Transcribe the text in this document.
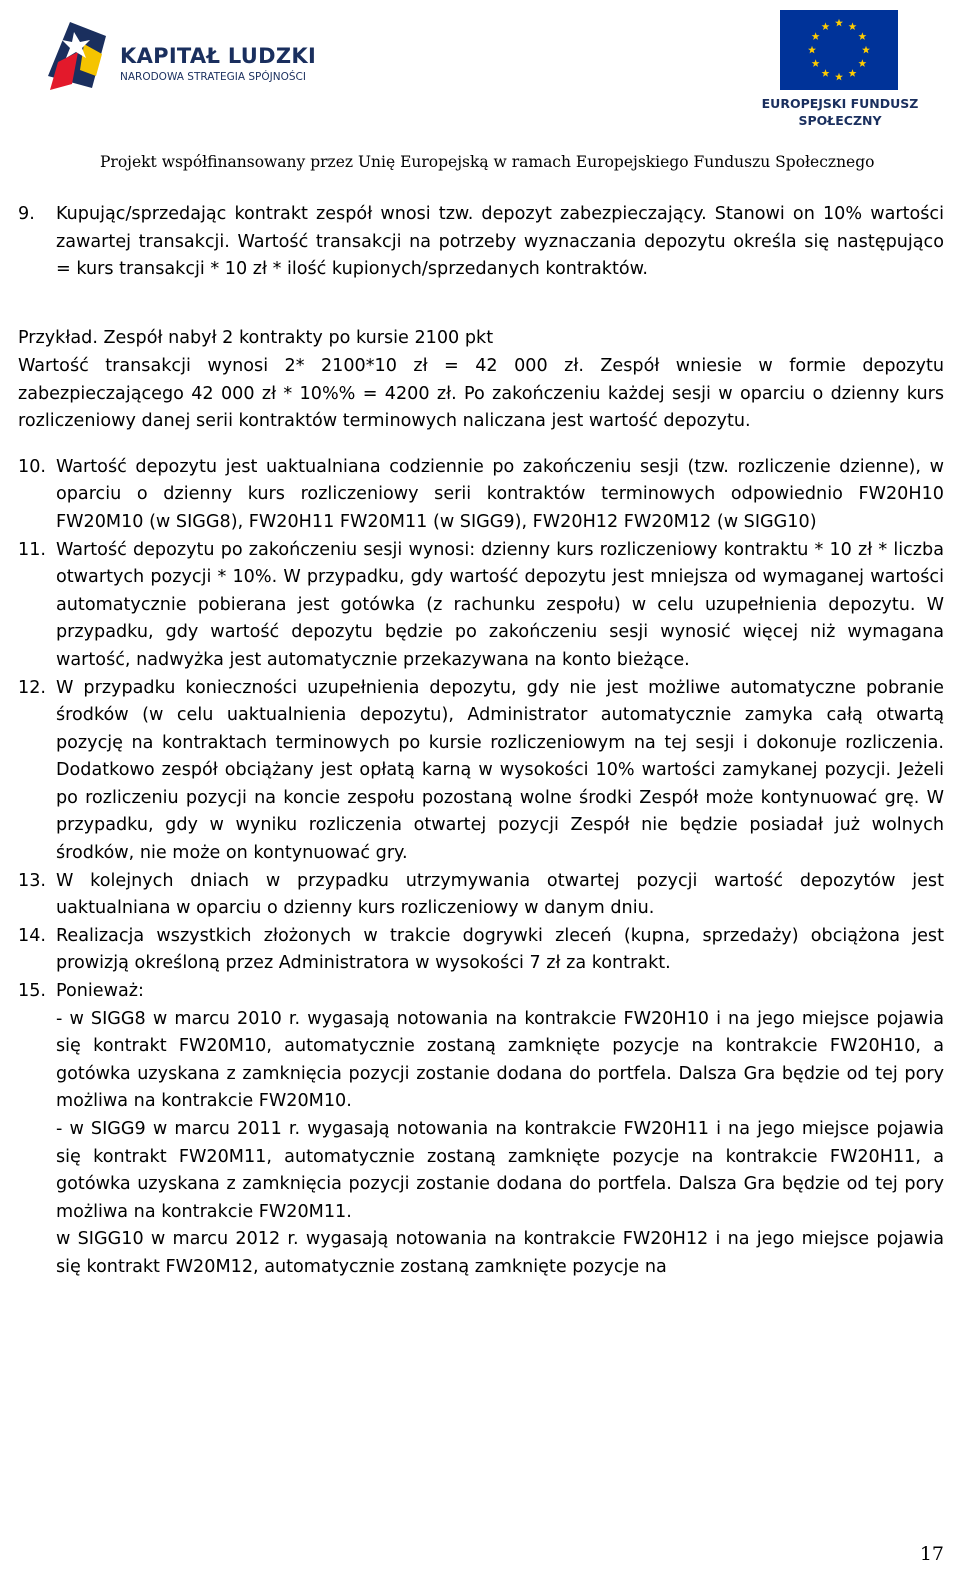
KAPITAŁ LUDZKI
NARODOWA STRATEGIA SPÓJNOŚCI
EUROPEJSKI FUNDUSZ
SPOŁECZNY
Projekt współfinansowany przez Unię Europejską w ramach Europejskiego Funduszu Społecznego
9.	Kupując/sprzedając kontrakt zespół wnosi tzw. depozyt zabezpieczający. Stanowi on 10% wartości zawartej transakcji. Wartość transakcji na potrzeby wyznaczania depozytu określa się następująco = kurs transakcji * 10 zł * ilość kupionych/sprzedanych kontraktów.

Przykład. Zespół nabył 2 kontrakty po kursie 2100 pkt

Wartość transakcji wynosi 2* 2100*10 zł = 42 000 zł. Zespół wniesie w formie depozytu zabezpieczającego 42 000 zł * 10%% = 4200 zł. Po zakończeniu każdej sesji w oparciu o dzienny kurs rozliczeniowy danej serii kontraktów terminowych naliczana jest wartość depozytu.

10. Wartość depozytu jest uaktualniana codziennie po zakończeniu sesji (tzw. rozliczenie dzienne), w oparciu o dzienny kurs rozliczeniowy serii kontraktów terminowych odpowiednio FW20H10 FW20M10 (w SIGG8), FW20H11 FW20M11 (w SIGG9), FW20H12 FW20M12 (w SIGG10)
11. Wartość depozytu po zakończeniu sesji wynosi: dzienny kurs rozliczeniowy kontraktu * 10 zł * liczba otwartych pozycji * 10%. W przypadku, gdy wartość depozytu jest mniejsza od wymaganej wartości automatycznie pobierana jest gotówka (z rachunku zespołu) w celu uzupełnienia depozytu. W przypadku, gdy wartość depozytu będzie po zakończeniu sesji wynosić więcej niż wymagana wartość, nadwyżka jest automatycznie przekazywana na konto bieżące.
12. W przypadku konieczności uzupełnienia depozytu, gdy nie jest możliwe automatyczne pobranie środków (w celu uaktualnienia depozytu), Administrator automatycznie zamyka całą otwartą pozycję na kontraktach terminowych po kursie rozliczeniowym na tej sesji i dokonuje rozliczenia. Dodatkowo zespół obciążany jest opłatą karną w wysokości 10% wartości zamykanej pozycji. Jeżeli po rozliczeniu pozycji na koncie zespołu pozostaną wolne środki Zespół może kontynuować grę. W przypadku, gdy w wyniku rozliczenia otwartej pozycji Zespół nie będzie posiadał już wolnych środków, nie może on kontynuować gry.
13. W kolejnych dniach w przypadku utrzymywania otwartej pozycji wartość depozytów jest uaktualniana w oparciu o dzienny kurs rozliczeniowy w danym dniu.
14. Realizacja wszystkich złożonych w trakcie dogrywki zleceń (kupna, sprzedaży) obciążona jest prowizją określoną przez Administratora w wysokości 7 zł za kontrakt.
15. Ponieważ:

- w SIGG8 w marcu 2010 r. wygasają notowania na kontrakcie FW20H10 i na jego miejsce pojawia się kontrakt FW20M10, automatycznie zostaną zamknięte pozycje na kontrakcie FW20H10, a gotówka uzyskana z zamknięcia pozycji zostanie dodana do portfela. Dalsza Gra będzie od tej pory możliwa na kontrakcie FW20M10.

- w SIGG9 w marcu 2011 r. wygasają notowania na kontrakcie FW20H11 i na jego miejsce pojawia się kontrakt FW20M11, automatycznie zostaną zamknięte pozycje na kontrakcie FW20H11, a gotówka uzyskana z zamknięcia pozycji zostanie dodana do portfela. Dalsza Gra będzie od tej pory możliwa na kontrakcie FW20M11.

w SIGG10 w marcu 2012 r. wygasają notowania na kontrakcie FW20H12 i na jego miejsce pojawia się kontrakt FW20M12, automatycznie zostaną zamknięte pozycje na

17
